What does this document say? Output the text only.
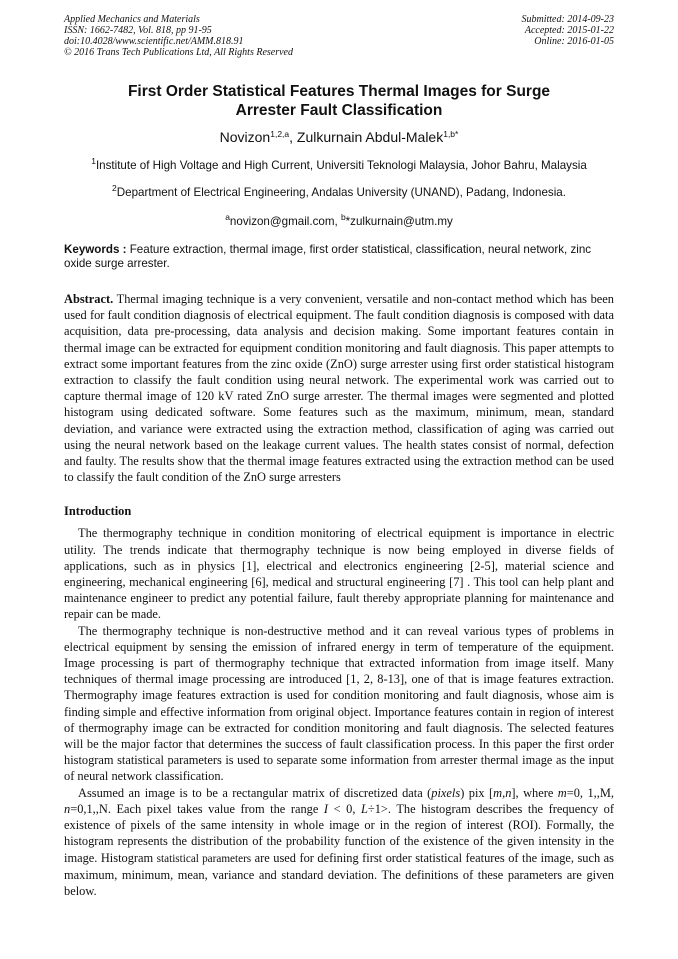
Applied Mechanics and Materials
ISSN: 1662-7482, Vol. 818, pp 91-95
doi:10.4028/www.scientific.net/AMM.818.91
© 2016 Trans Tech Publications Ltd, All Rights Reserved
Submitted: 2014-09-23
Accepted: 2015-01-22
Online: 2016-01-05
First Order Statistical Features Thermal Images for Surge
Arrester Fault Classification
Novizon$^{1,2,a}$, Zulkurnain Abdul-Malek$^{1,b*}$
$^1$Institute of High Voltage and High Current, Universiti Teknologi Malaysia, Johor Bahru, Malaysia
$^2$Department of Electrical Engineering, Andalas University (UNAND), Padang, Indonesia.
$^a$novizon@gmail.com, $^b$*zulkurnain@utm.my
Keywords : Feature extraction, thermal image, first order statistical, classification, neural network, zinc oxide surge arrester.
Abstract. Thermal imaging technique is a very convenient, versatile and non-contact method which has been used for fault condition diagnosis of electrical equipment. The fault condition diagnosis is composed with data acquisition, data pre-processing, data analysis and decision making. Some important features contain in thermal image can be extracted for equipment condition monitoring and fault diagnosis. This paper attempts to extract some important features from the zinc oxide (ZnO) surge arrester using first order statistical histogram extraction to classify the fault condition using neural network. The experimental work was carried out to capture thermal image of 120 kV rated ZnO surge arrester. The thermal images were segmented and plotted histogram using dedicated software. Some features such as the maximum, minimum, mean, standard deviation, and variance were extracted using the extraction method, classification of aging was carried out using the neural network based on the leakage current values. The health states consist of normal, defection and faulty. The results show that the thermal image features extracted using the extraction method can be used to classify the fault condition of the ZnO surge arresters
Introduction

The thermography technique in condition monitoring of electrical equipment is importance in electric utility. The trends indicate that thermography technique is now being employed in diverse fields of applications, such as in physics [1], electrical and electronics engineering [2-5], material science and engineering, mechanical engineering [6], medical and structural engineering [7] . This tool can help plant and maintenance engineer to predict any potential failure, fault thereby appropriate planning for maintenance and repair can be made.

The thermography technique is non-destructive method and it can reveal various types of problems in electrical equipment by sensing the emission of infrared energy in term of temperature of the equipment. Image processing is part of thermography technique that extracted information from image itself. Many techniques of thermal image processing are introduced [1, 2, 8-13], one of that is image features extraction. Thermography image features extraction is used for condition monitoring and fault diagnosis, whose aim is finding simple and effective information from original object. Importance features contain in region of interest of thermography image can be extracted for condition monitoring and fault diagnosis. The selected features will be the major factor that determines the success of fault classification process. In this paper the first order histogram statistical parameters is used to separate some information from arrester thermal image as the input of neural network classification.

Assumed an image is to be a rectangular matrix of discretized data (pixels) pix [m,n], where m=0, 1,,M, n=0,1,,N. Each pixel takes value from the range I < 0, L÷1>. The histogram describes the frequency of existence of pixels of the same intensity in whole image or in the region of interest (ROI). Formally, the histogram represents the distribution of the probability function of the existence of the given intensity in the image. Histogram statistical parameters are used for defining first order statistical features of the image, such as maximum, minimum, mean, variance and standard deviation. The definitions of these parameters are given below.
